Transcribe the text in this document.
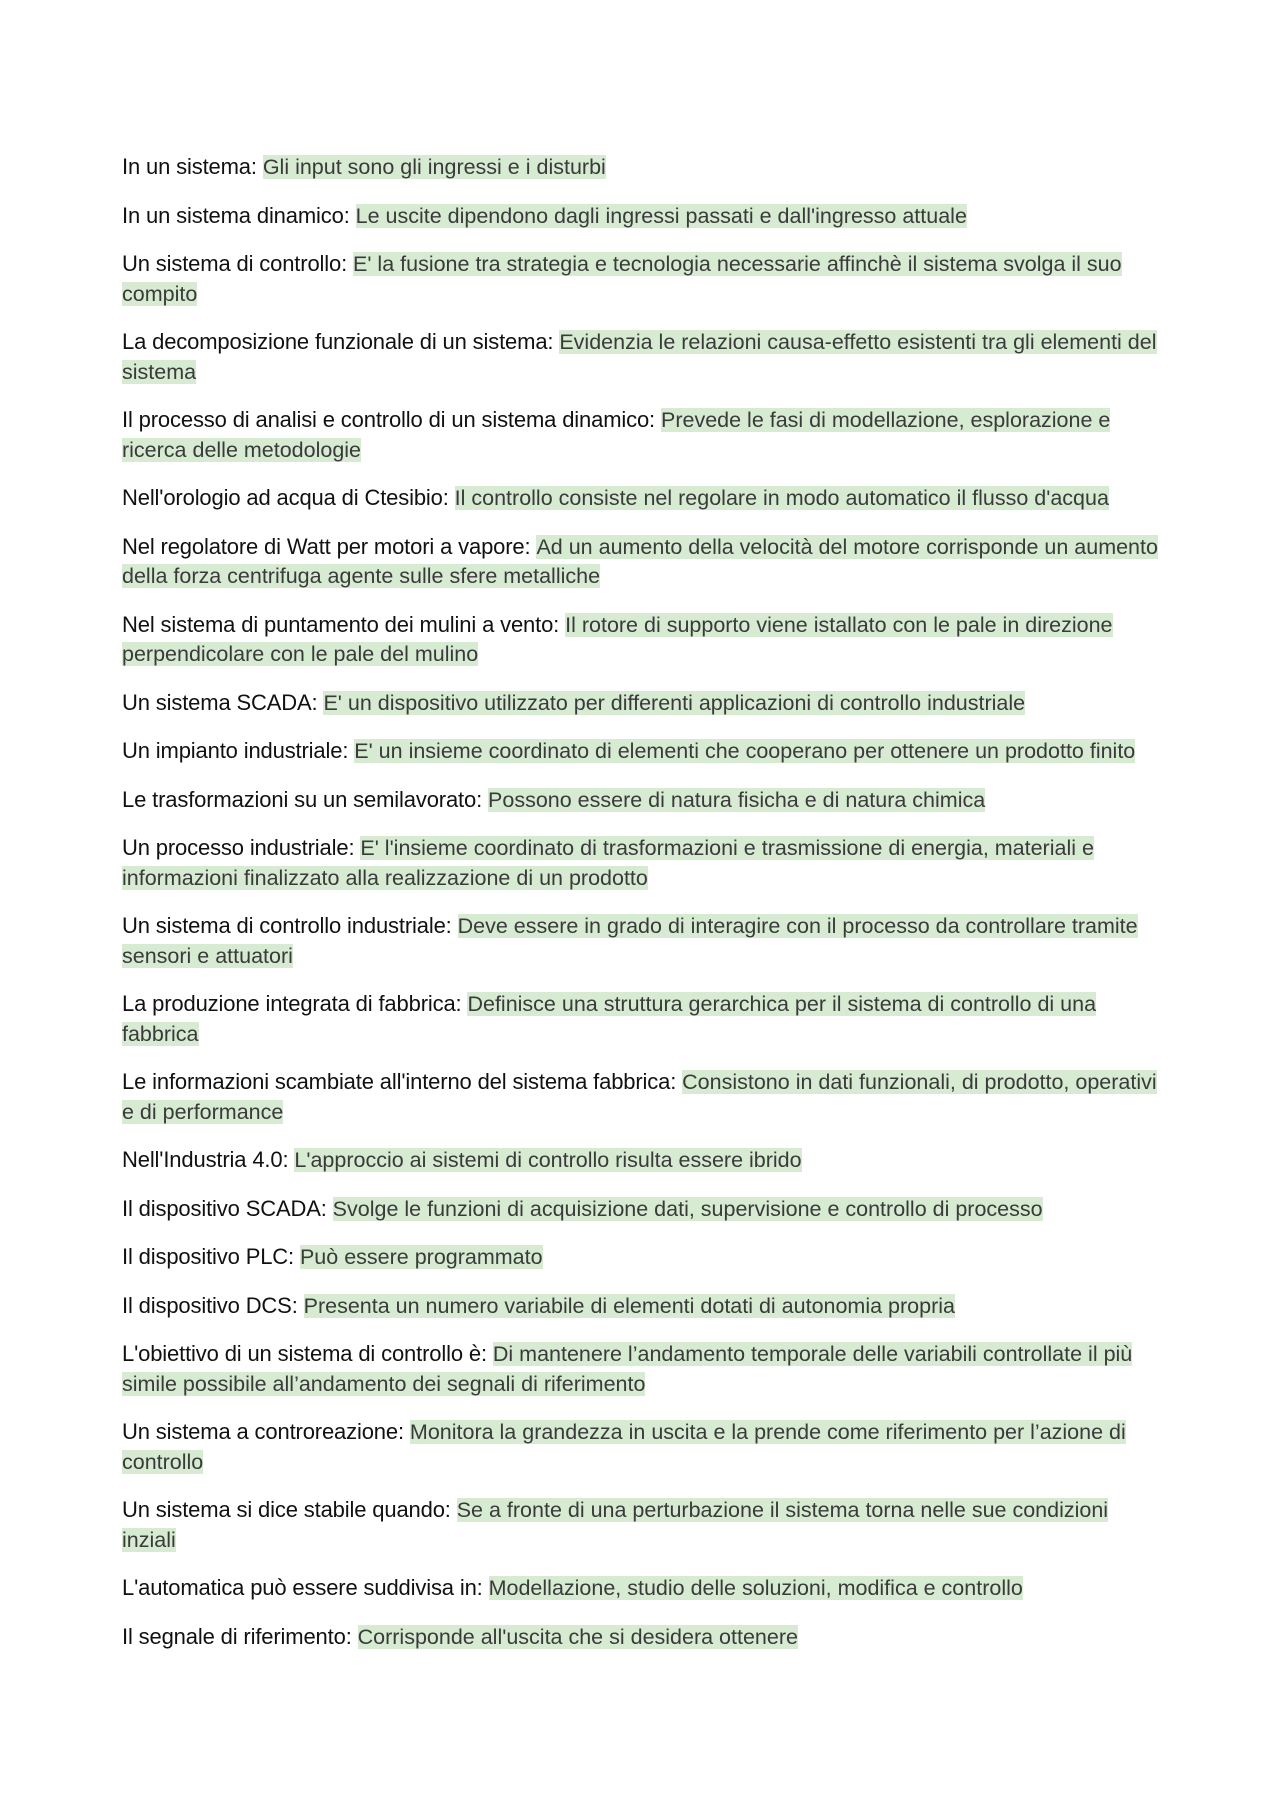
In un sistema: Gli input sono gli ingressi e i disturbi

In un sistema dinamico: Le uscite dipendono dagli ingressi passati e dall'ingresso attuale

Un sistema di controllo: E' la fusione tra strategia e tecnologia necessarie affinchè il sistema svolga il suo compito

La decomposizione funzionale di un sistema: Evidenzia le relazioni causa-effetto esistenti tra gli elementi del sistema

Il processo di analisi e controllo di un sistema dinamico: Prevede le fasi di modellazione, esplorazione e ricerca delle metodologie

Nell'orologio ad acqua di Ctesibio: Il controllo consiste nel regolare in modo automatico il flusso d'acqua

Nel regolatore di Watt per motori a vapore: Ad un aumento della velocità del motore corrisponde un aumento della forza centrifuga agente sulle sfere metalliche

Nel sistema di puntamento dei mulini a vento: Il rotore di supporto viene istallato con le pale in direzione perpendicolare con le pale del mulino

Un sistema SCADA: E' un dispositivo utilizzato per differenti applicazioni di controllo industriale

Un impianto industriale: E' un insieme coordinato di elementi che cooperano per ottenere un prodotto finito

Le trasformazioni su un semilavorato: Possono essere di natura fisicha e di natura chimica

Un processo industriale: E' l'insieme coordinato di trasformazioni e trasmissione di energia, materiali e informazioni finalizzato alla realizzazione di un prodotto

Un sistema di controllo industriale: Deve essere in grado di interagire con il processo da controllare tramite sensori e attuatori

La produzione integrata di fabbrica: Definisce una struttura gerarchica per il sistema di controllo di una fabbrica

Le informazioni scambiate all'interno del sistema fabbrica: Consistono in dati funzionali, di prodotto, operativi e di performance

Nell'Industria 4.0: L'approccio ai sistemi di controllo risulta essere ibrido

Il dispositivo SCADA: Svolge le funzioni di acquisizione dati, supervisione e controllo di processo

Il dispositivo PLC: Può essere programmato

Il dispositivo DCS: Presenta un numero variabile di elementi dotati di autonomia propria

L'obiettivo di un sistema di controllo è: Di mantenere l’andamento temporale delle variabili controllate il più simile possibile all’andamento dei segnali di riferimento

Un sistema a controreazione: Monitora la grandezza in uscita e la prende come riferimento per l’azione di controllo

Un sistema si dice stabile quando: Se a fronte di una perturbazione il sistema torna nelle sue condizioni inziali

L'automatica può essere suddivisa in: Modellazione, studio delle soluzioni, modifica e controllo

Il segnale di riferimento: Corrisponde all'uscita che si desidera ottenere
